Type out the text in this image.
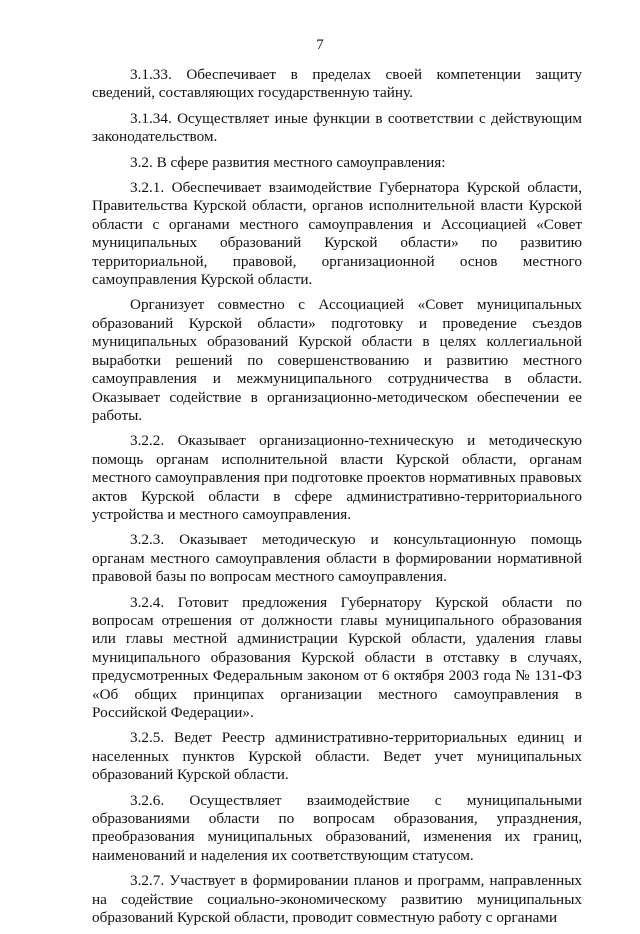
7

3.1.33. Обеспечивает в пределах своей компетенции защиту сведений, составляющих государственную тайну.

3.1.34. Осуществляет иные функции в соответствии с действующим законодательством.

3.2. В сфере развития местного самоуправления:

3.2.1. Обеспечивает взаимодействие Губернатора Курской области, Правительства Курской области, органов исполнительной власти Курской области с органами местного самоуправления и Ассоциацией «Совет муниципальных образований Курской области» по развитию территориальной, правовой, организационной основ местного самоуправления Курской области.

Организует совместно с Ассоциацией «Совет муниципальных образований Курской области» подготовку и проведение съездов муниципальных образований Курской области в целях коллегиальной выработки решений по совершенствованию и развитию местного самоуправления и межмуниципального сотрудничества в области. Оказывает содействие в организационно-методическом обеспечении ее работы.

3.2.2. Оказывает организационно-техническую и методическую помощь органам исполнительной власти Курской области, органам местного самоуправления при подготовке проектов нормативных правовых актов Курской области в сфере административно-территориального устройства и местного самоуправления.

3.2.3. Оказывает методическую и консультационную помощь органам местного самоуправления области в формировании нормативной правовой базы по вопросам местного самоуправления.

3.2.4. Готовит предложения Губернатору Курской области по вопросам отрешения от должности главы муниципального образования или главы местной администрации Курской области, удаления главы муниципального образования Курской области в отставку в случаях, предусмотренных Федеральным законом от 6 октября 2003 года № 131-ФЗ «Об общих принципах организации местного самоуправления в Российской Федерации».

3.2.5. Ведет Реестр административно-территориальных единиц и населенных пунктов Курской области. Ведет учет муниципальных образований Курской области.

3.2.6. Осуществляет взаимодействие с муниципальными образованиями области по вопросам образования, упразднения, преобразования муниципальных образований, изменения их границ, наименований и наделения их соответствующим статусом.

3.2.7. Участвует в формировании планов и программ, направленных на содействие социально-экономическому развитию муниципальных образований Курской области, проводит совместную работу с органами
